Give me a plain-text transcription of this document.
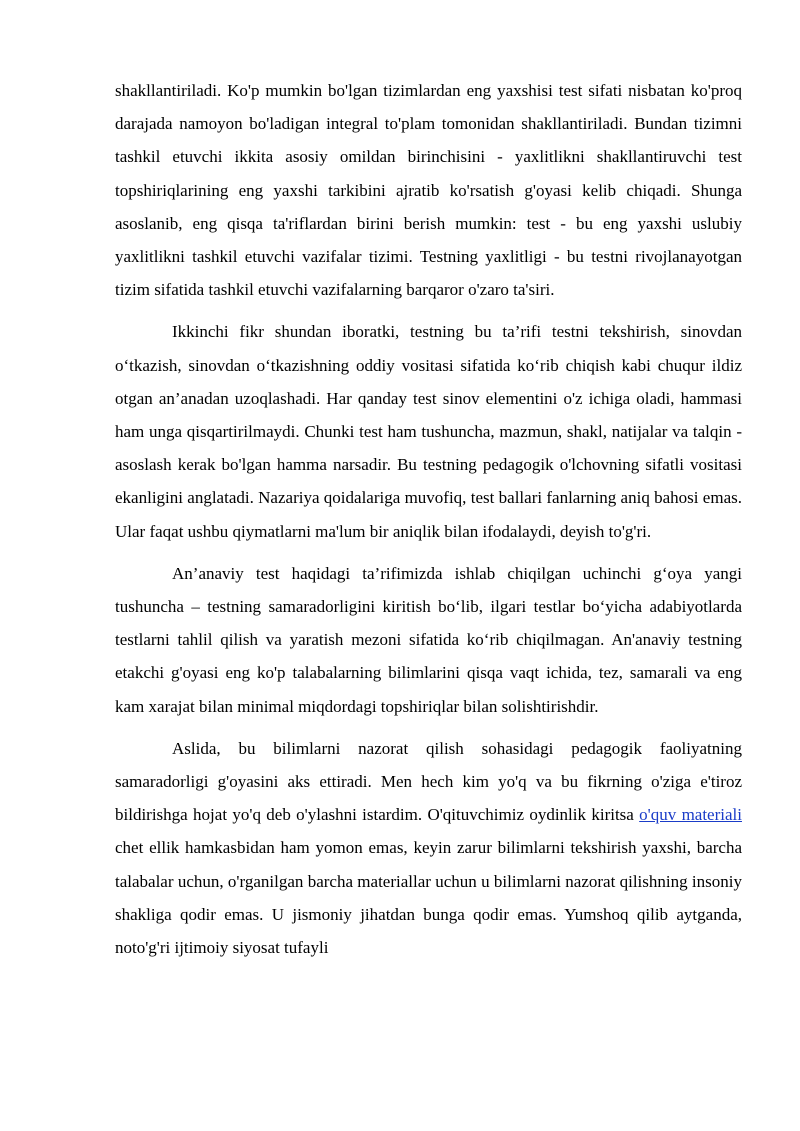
shakllantiriladi. Ko'p mumkin bo'lgan tizimlardan eng yaxshisi test sifati nisbatan ko'proq darajada namoyon bo'ladigan integral to'plam tomonidan shakllantiriladi. Bundan tizimni tashkil etuvchi ikkita asosiy omildan birinchisini - yaxlitlikni shakllantiruvchi test topshiriqlarining eng yaxshi tarkibini ajratib ko'rsatish g'oyasi kelib chiqadi. Shunga asoslanib, eng qisqa ta'riflardan birini berish mumkin: test - bu eng yaxshi uslubiy yaxlitlikni tashkil etuvchi vazifalar tizimi. Testning yaxlitligi - bu testni rivojlanayotgan tizim sifatida tashkil etuvchi vazifalarning barqaror o'zaro ta'siri.

Ikkinchi fikr shundan iboratki, testning bu ta’rifi testni tekshirish, sinovdan o‘tkazish, sinovdan o‘tkazishning oddiy vositasi sifatida ko‘rib chiqish kabi chuqur ildiz otgan an’anadan uzoqlashadi. Har qanday test sinov elementini o'z ichiga oladi, hammasi ham unga qisqartirilmaydi. Chunki test ham tushuncha, mazmun, shakl, natijalar va talqin - asoslash kerak bo'lgan hamma narsadir. Bu testning pedagogik o'lchovning sifatli vositasi ekanligini anglatadi. Nazariya qoidalariga muvofiq, test ballari fanlarning aniq bahosi emas. Ular faqat ushbu qiymatlarni ma'lum bir aniqlik bilan ifodalaydi, deyish to'g'ri.

An’anaviy test haqidagi ta’rifimizda ishlab chiqilgan uchinchi g‘oya yangi tushuncha – testning samaradorligini kiritish bo‘lib, ilgari testlar bo‘yicha adabiyotlarda testlarni tahlil qilish va yaratish mezoni sifatida ko‘rib chiqilmagan. An'anaviy testning etakchi g'oyasi eng ko'p talabalarning bilimlarini qisqa vaqt ichida, tez, samarali va eng kam xarajat bilan minimal miqdordagi topshiriqlar bilan solishtirishdir.

Aslida, bu bilimlarni nazorat qilish sohasidagi pedagogik faoliyatning samaradorligi g'oyasini aks ettiradi. Men hech kim yo'q va bu fikrning o'ziga e'tiroz bildirishga hojat yo'q deb o'ylashni istardim. O'qituvchimiz oydinlik kiritsa o'quv materiali chet ellik hamkasbidan ham yomon emas, keyin zarur bilimlarni tekshirish yaxshi, barcha talabalar uchun, o'rganilgan barcha materiallar uchun u bilimlarni nazorat qilishning insoniy shakliga qodir emas. U jismoniy jihatdan bunga qodir emas. Yumshoq qilib aytganda, noto'g'ri ijtimoiy siyosat tufayli
